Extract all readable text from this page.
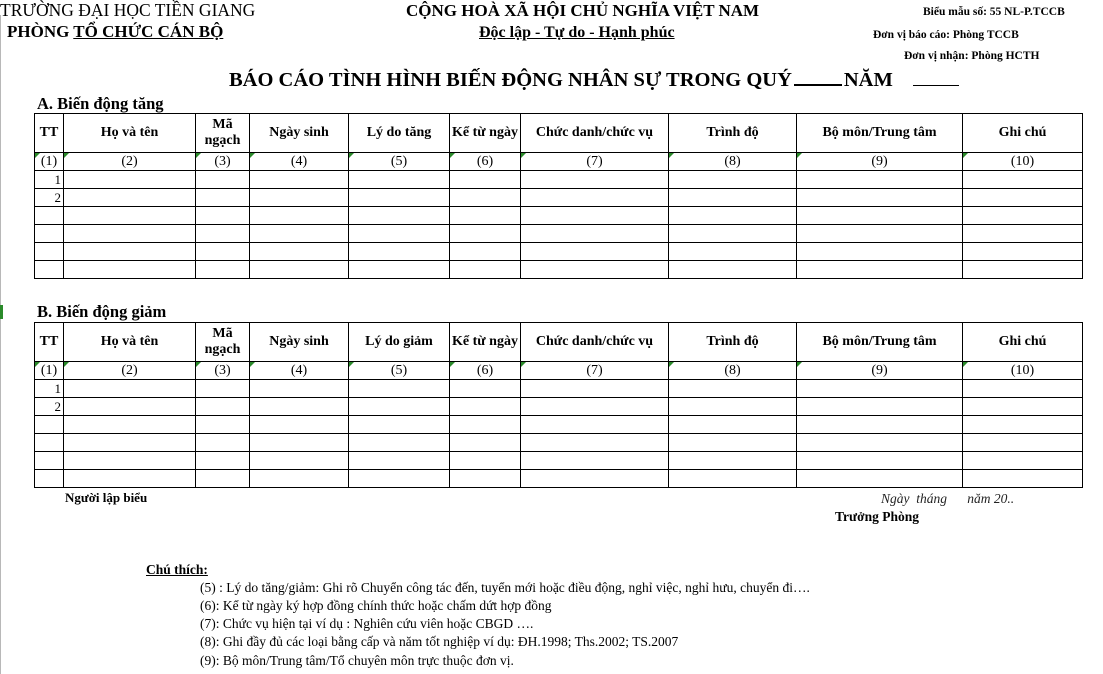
TRƯỜNG ĐẠI HỌC TIỀN GIANG
PHÒNG TỔ CHỨC CÁN BỘ
CỘNG HOÀ XÃ HỘI CHỦ NGHĨA VIỆT NAM
Độc lập - Tự do - Hạnh phúc
Biểu mẫu số: 55 NL-P.TCCB
Đơn vị báo cáo: Phòng TCCB
Đơn vị nhận: Phòng HCTH
BÁO CÁO TÌNH HÌNH BIẾN ĐỘNG NHÂN SỰ TRONG QUÝ	NĂM
A. Biến động tăng
TT	Họ và tên	Mã ngạch	Ngày sinh	Lý do tăng	Kể từ ngày	Chức danh/chức vụ	Trình độ	Bộ môn/Trung tâm	Ghi chú

(1)	(2)	(3)	(4)	(5)	(6)	(7)	(8)	(9)	(10)
1									
2									

B. Biến động giảm
TT	Họ và tên	Mã ngạch	Ngày sinh	Lý do giảm	Kể từ ngày	Chức danh/chức vụ	Trình độ	Bộ môn/Trung tâm	Ghi chú

(1)	(2)	(3)	(4)	(5)	(6)	(7)	(8)	(9)	(10)
1									
2									

Người lập biểu	Ngày  tháng      năm 20..
Trưởng Phòng
Chú thích:
(5) : Lý do tăng/giảm: Ghi rõ Chuyển công tác đến, tuyển mới hoặc điều động, nghỉ việc, nghỉ hưu, chuyển đi….
(6): Kể từ ngày ký hợp đồng chính thức hoặc chấm dứt hợp đồng
(7): Chức vụ hiện tại ví dụ : Nghiên cứu viên hoặc CBGD ….
(8): Ghi đầy đủ các loại bằng cấp và năm tốt nghiệp ví dụ: ĐH.1998; Ths.2002; TS.2007
(9): Bộ môn/Trung tâm/Tổ chuyên môn trực thuộc đơn vị.
